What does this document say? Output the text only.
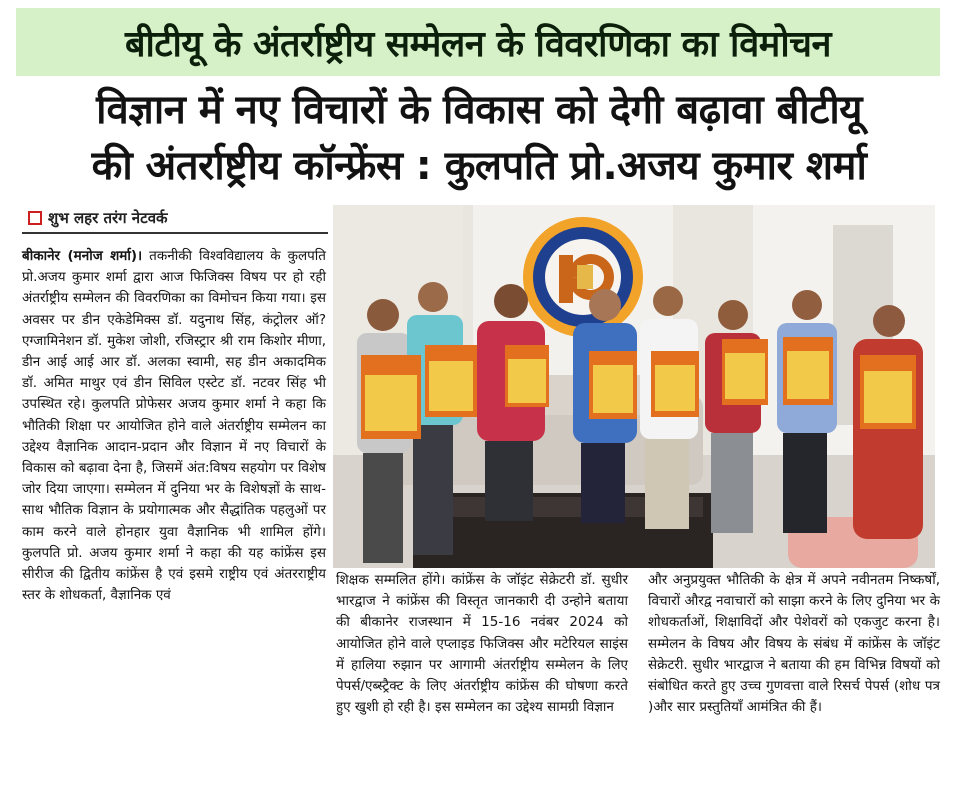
बीटीयू के अंतर्राष्ट्रीय सम्मेलन के विवरणिका का विमोचन
विज्ञान में नए विचारों के विकास को देगी बढ़ावा बीटीयू
की अंतर्राष्ट्रीय कॉन्फ्रेंस : कुलपति प्रो.अजय कुमार शर्मा
शुभ लहर तरंग नेटवर्क

बीकानेर (मनोज शर्मा)। तकनीकी विश्वविद्यालय के कुलपति प्रो.अजय कुमार शर्मा द्वारा आज फिजिक्स विषय पर हो रही अंतर्राष्ट्रीय सम्मेलन की विवरणिका का विमोचन किया गया। इस अवसर पर डीन एकेडेमिक्स डॉ. यदुनाथ सिंह, कंट्रोलर ऑ? एग्जामिनेशन डॉ. मुकेश जोशी, रजिस्ट्रार श्री राम किशोर मीणा, डीन आई आई आर डॉ. अलका स्वामी, सह डीन अकादमिक डॉ. अमित माथुर एवं डीन सिविल एस्टेट डॉ. नटवर सिंह भी उपस्थित रहे। कुलपति प्रोफेसर अजय कुमार शर्मा ने कहा कि भौतिकी शिक्षा पर आयोजित होने वाले अंतर्राष्ट्रीय सम्मेलन का उद्देश्य वैज्ञानिक आदान-प्रदान और विज्ञान में नए विचारों के विकास को बढ़ावा देना है, जिसमें अंत:विषय सहयोग पर विशेष जोर दिया जाएगा। सम्मेलन में दुनिया भर के विशेषज्ञों के साथ-साथ भौतिक विज्ञान के प्रयोगात्मक और सैद्धांतिक पहलुओं पर काम करने वाले होनहार युवा वैज्ञानिक भी शामिल होंगे। कुलपति प्रो. अजय कुमार शर्मा ने कहा की यह कांफ्रेंस इस सीरीज की द्वितीय कांफ्रेंस है एवं इसमे राष्ट्रीय एवं अंतरराष्ट्रीय स्तर के शोधकर्ता, वैज्ञानिक एवं

शिक्षक सम्मलित होंगे। कांफ्रेंस के जॉइंट सेक्रेटरी डॉ. सुधीर भारद्वाज ने कांफ्रेंस की विस्तृत जानकारी दी उन्होने बताया की बीकानेर राजस्थान में 15-16 नवंबर 2024 को आयोजित होने वाले एप्लाइड फिजिक्स और मटेरियल साइंस में हालिया रुझान पर आगामी अंतर्राष्ट्रीय सम्मेलन के लिए पेपर्स/एब्स्ट्रैक्ट के लिए अंतर्राष्ट्रीय कांफ्रेंस की घोषणा करते हुए खुशी हो रही है। इस सम्मेलन का उद्देश्य सामग्री विज्ञान

और अनुप्रयुक्त भौतिकी के क्षेत्र में अपने नवीनतम निष्कर्षों, विचारों औरद्व नवाचारों को साझा करने के लिए दुनिया भर के शोधकर्ताओं, शिक्षाविदों और पेशेवरों को एकजुट करना है। सम्मेलन के विषय और विषय के संबंध में कांफ्रेंस के जॉइंट सेक्रेटरी. सुधीर भारद्वाज ने बताया की हम विभिन्न विषयों को संबोधित करते हुए उच्च गुणवत्ता वाले रिसर्च पेपर्स (शोध पत्र )और सार प्रस्तुतियाँ आमंत्रित की हैं।
